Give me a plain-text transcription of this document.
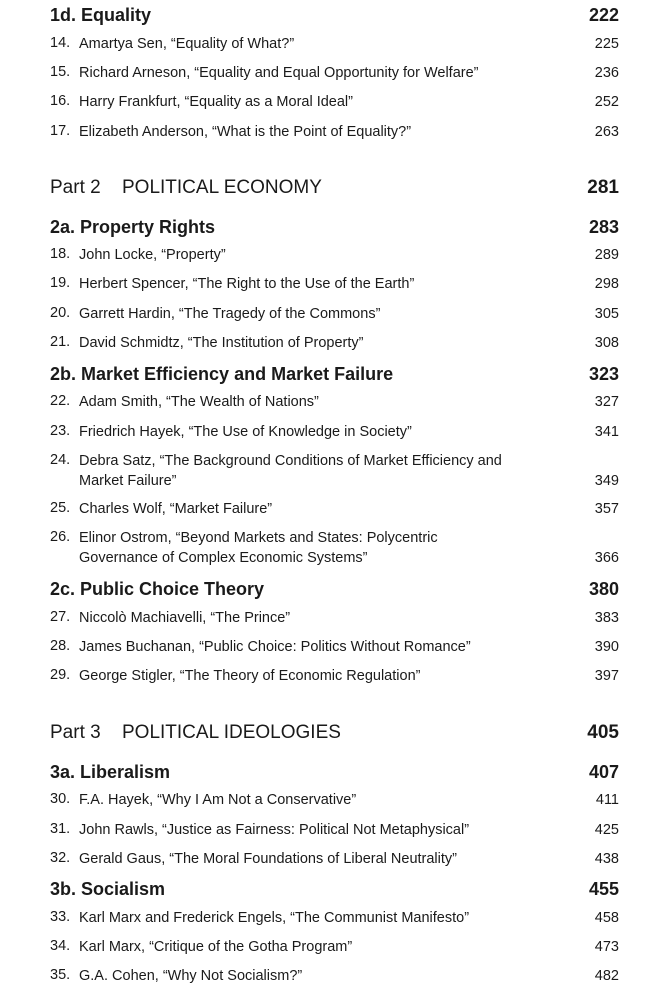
1d. Equality	222
14. Amartya Sen, “Equality of What?”	225
15. Richard Arneson, “Equality and Equal Opportunity for Welfare”	236
16. Harry Frankfurt, “Equality as a Moral Ideal”	252
17. Elizabeth Anderson, “What is the Point of Equality?”	263
Part 2 POLITICAL ECONOMY	281
2a. Property Rights	283
18. John Locke, “Property”	289
19. Herbert Spencer, “The Right to the Use of the Earth”	298
20. Garrett Hardin, “The Tragedy of the Commons”	305
21. David Schmidtz, “The Institution of Property”	308
2b. Market Efficiency and Market Failure	323
22. Adam Smith, “The Wealth of Nations”	327
23. Friedrich Hayek, “The Use of Knowledge in Society”	341
24. Debra Satz, “The Background Conditions of Market Efficiency and Market Failure”	349
25. Charles Wolf, “Market Failure”	357
26. Elinor Ostrom, “Beyond Markets and States: Polycentric Governance of Complex Economic Systems”	366
2c. Public Choice Theory	380
27. Niccolò Machiavelli, “The Prince”	383
28. James Buchanan, “Public Choice: Politics Without Romance”	390
29. George Stigler, “The Theory of Economic Regulation”	397
Part 3 POLITICAL IDEOLOGIES	405
3a. Liberalism	407
30. F.A. Hayek, “Why I Am Not a Conservative”	411
31. John Rawls, “Justice as Fairness: Political Not Metaphysical”	425
32. Gerald Gaus, “The Moral Foundations of Liberal Neutrality”	438
3b. Socialism	455
33. Karl Marx and Frederick Engels, “The Communist Manifesto”	458
34. Karl Marx, “Critique of the Gotha Program”	473
35. G.A. Cohen, “Why Not Socialism?”	482
